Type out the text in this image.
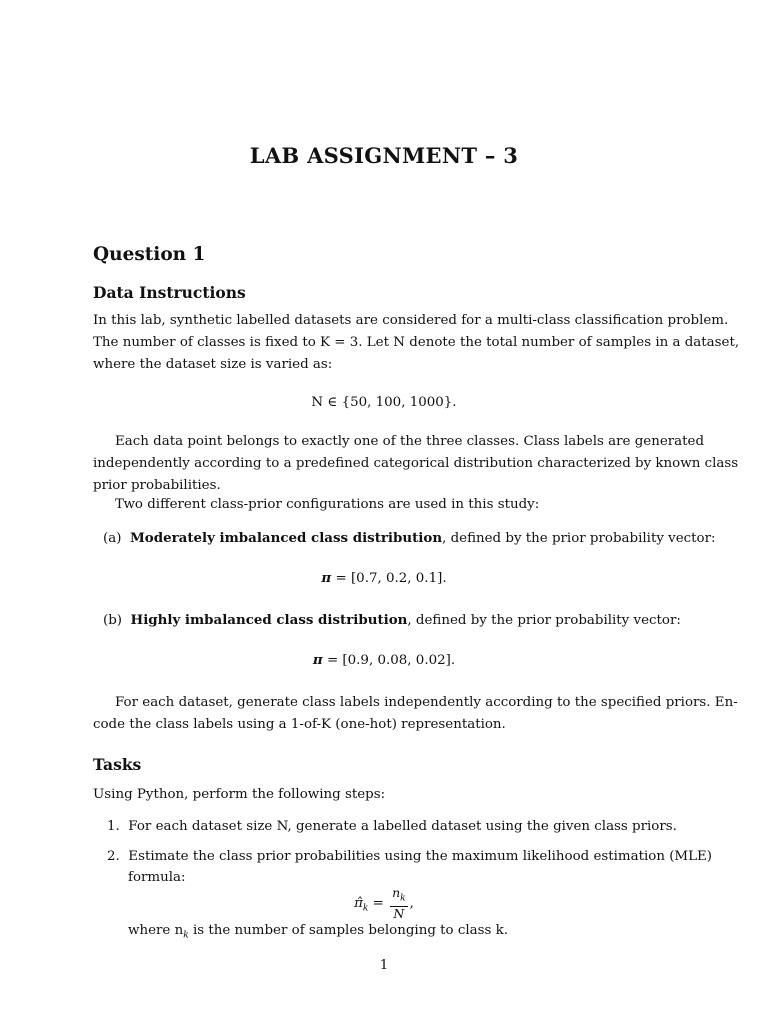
LAB ASSIGNMENT – 3
Question 1
Data Instructions
In this lab, synthetic labelled datasets are considered for a multi-class classification problem.
The number of classes is fixed to K = 3. Let N denote the total number of samples in a dataset,
where the dataset size is varied as:
N ∈ {50, 100, 1000}.
Each data point belongs to exactly one of the three classes. Class labels are generated
independently according to a predefined categorical distribution characterized by known class
prior probabilities.
Two different class-prior configurations are used in this study:
(a) Moderately imbalanced class distribution, defined by the prior probability vector:
π = [0.7, 0.2, 0.1].
(b) Highly imbalanced class distribution, defined by the prior probability vector:
π = [0.9, 0.08, 0.02].
For each dataset, generate class labels independently according to the specified priors. En-
code the class labels using a 1-of-K (one-hot) representation.
Tasks
Using Python, perform the following steps:
1. For each dataset size N, generate a labelled dataset using the given class priors.
2. Estimate the class prior probabilities using the maximum likelihood estimation (MLE)
formula:
$\pî_k = \frac{n_k}{N}$ ,
where $n_k$ is the number of samples belonging to class k.
1
